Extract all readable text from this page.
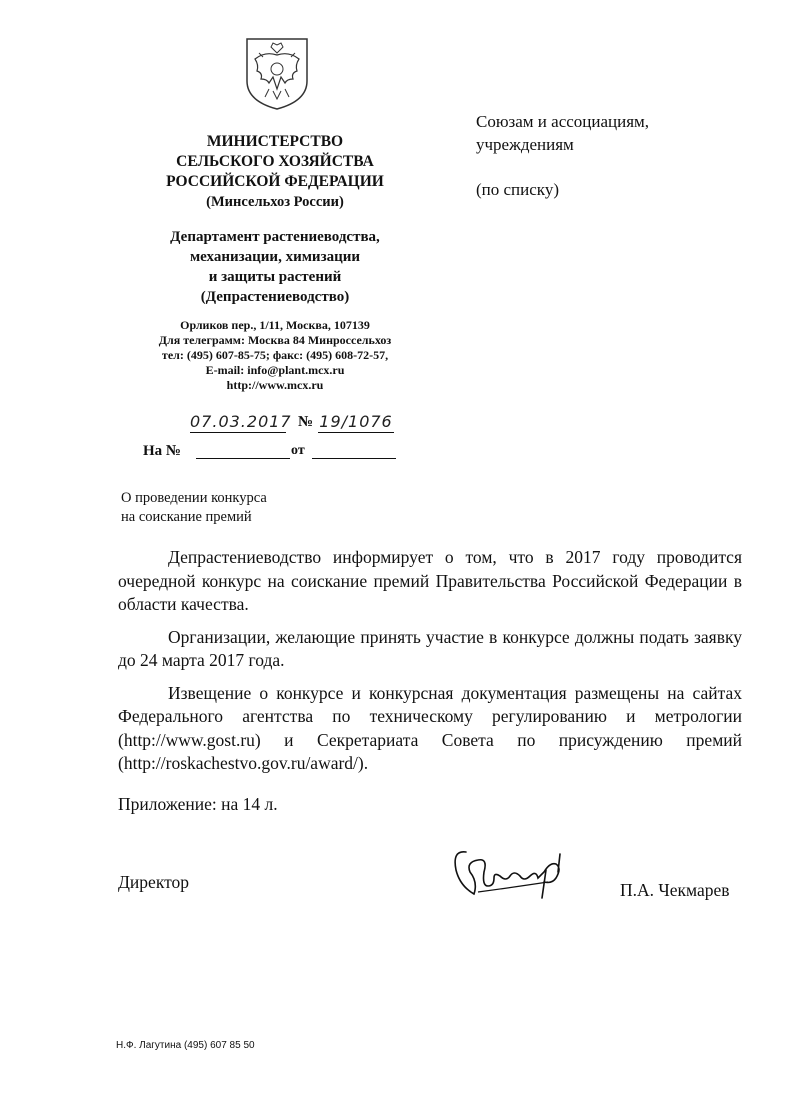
МИНИСТЕРСТВО
СЕЛЬСКОГО ХОЗЯЙСТВА
РОССИЙСКОЙ ФЕДЕРАЦИИ
(Минсельхоз России)
Департамент растениеводства,
механизации, химизации
и защиты растений
(Депрастениеводство)
Орликов пер., 1/11, Москва, 107139
Для телеграмм: Москва 84 Минроссельхоз
тел: (495) 607-85-75; факс: (495) 608-72-57,
E-mail: info@plant.mcx.ru
http://www.mcx.ru
Союзам и ассоциациям,
учреждениям
(по списку)
07.03.2017 № 19/1076
На №	от
О проведении конкурса
на соискание премий

Депрастениеводство информирует о том, что в 2017 году проводится очередной конкурс на соискание премий Правительства Российской Федерации в области качества.

Организации, желающие принять участие в конкурсе должны подать заявку до 24 марта 2017 года.

Извещение о конкурсе и конкурсная документация размещены на сайтах Федерального агентства по техническому регулированию и метрологии (http://www.gost.ru) и Секретариата Совета по присуждению премий (http://roskachestvo.gov.ru/award/).

Приложение: на 14 л.
Директор	П.А. Чекмарев
Н.Ф. Лагутина (495) 607 85 50
